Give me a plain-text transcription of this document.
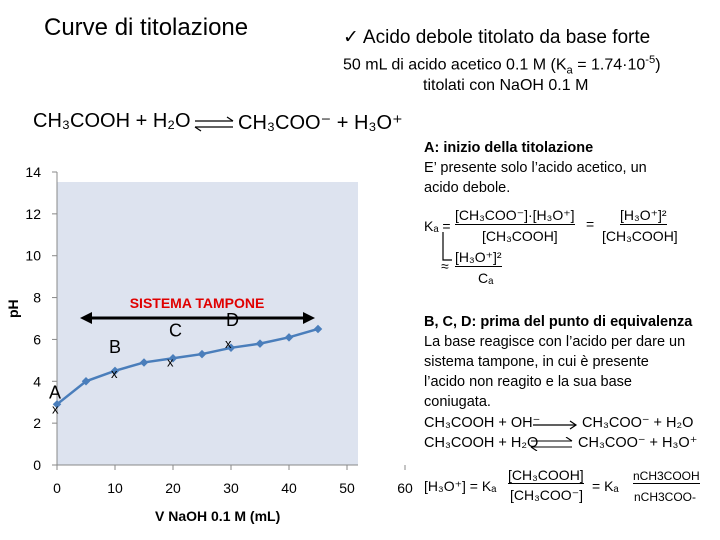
Curve di titolazione	✓ Acido debole titolato da base forte
50 mL di acido acetico 0.1 M $(K_a = 1.74\cdot 10^{-5})$
titolati con NaOH 0.1 M
CH₃COOH + H₂O ⇌ CH₃COO⁻ + H₃O⁺
A: inizio della titolazione
E’ presente solo l’acido acetico, un
acido debole.
Kₐ =
[CH₃COO⁻]·[H₃O⁺]
[CH₃COOH]
=
[H₃O⁺]²
[CH₃COOH]
≈
[H₃O⁺]²
Cₐ
B, C, D: prima del punto di equivalenza
La base reagisce con l’acido per dare un
sistema tampone, in cui è presente
l’acido non reagito e la sua base
coniugata.
CH₃COOH + OH⁻	CH₃COO⁻ + H₂O
CH₃COOH + H₂O	CH₃COO⁻ + H₃O⁺
[H₃O⁺] = Kₐ
[CH₃COOH]
[CH₃COO⁻]
= Kₐ
nCH3COOH
nCH3COO-
0
2
4
6
8
10
12
14
0	10	20	30	40	50	60
SISTEMA TAMPONE
A
x
B
x
C
x
D
x
V NaOH 0.1 M (mL)
pH
